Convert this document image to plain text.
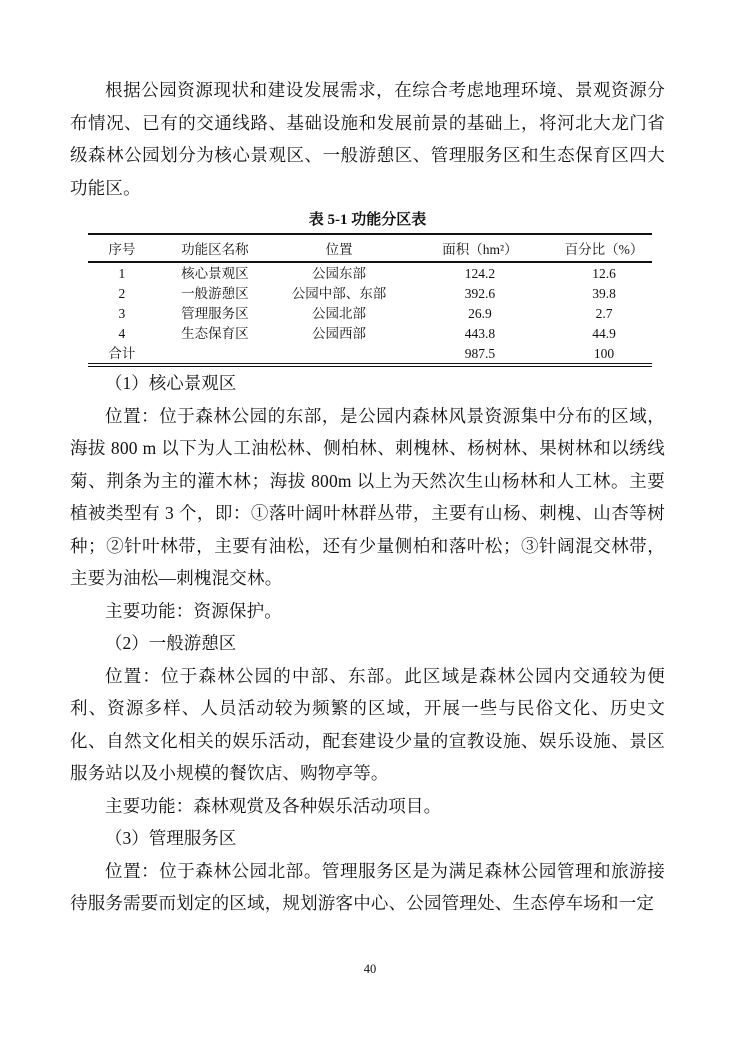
根据公园资源现状和建设发展需求，在综合考虑地理环境、景观资源分布情况、已有的交通线路、基础设施和发展前景的基础上，将河北大龙门省级森林公园划分为核心景观区、一般游憩区、管理服务区和生态保育区四大功能区。

表 5-1 功能分区表
序号	功能区名称	位置	面积（hm²）	百分比（%）
1	核心景观区	公园东部	124.2	12.6
2	一般游憩区	公园中部、东部	392.6	39.8
3	管理服务区	公园北部	26.9	2.7
4	生态保育区	公园西部	443.8	44.9
合计			987.5	100

（1）核心景观区

位置：位于森林公园的东部，是公园内森林风景资源集中分布的区域，海拔 800 m 以下为人工油松林、侧柏林、刺槐林、杨树林、果树林和以绣线菊、荆条为主的灌木林；海拔 800m 以上为天然次生山杨林和人工林。主要植被类型有 3 个，即：①落叶阔叶林群丛带，主要有山杨、刺槐、山杏等树种；②针叶林带，主要有油松，还有少量侧柏和落叶松；③针阔混交林带，主要为油松—刺槐混交林。

主要功能：资源保护。

（2）一般游憩区

位置：位于森林公园的中部、东部。此区域是森林公园内交通较为便利、资源多样、人员活动较为频繁的区域，开展一些与民俗文化、历史文化、自然文化相关的娱乐活动，配套建设少量的宣教设施、娱乐设施、景区服务站以及小规模的餐饮店、购物亭等。

主要功能：森林观赏及各种娱乐活动项目。

（3）管理服务区

位置：位于森林公园北部。管理服务区是为满足森林公园管理和旅游接待服务需要而划定的区域，规划游客中心、公园管理处、生态停车场和一定

40
